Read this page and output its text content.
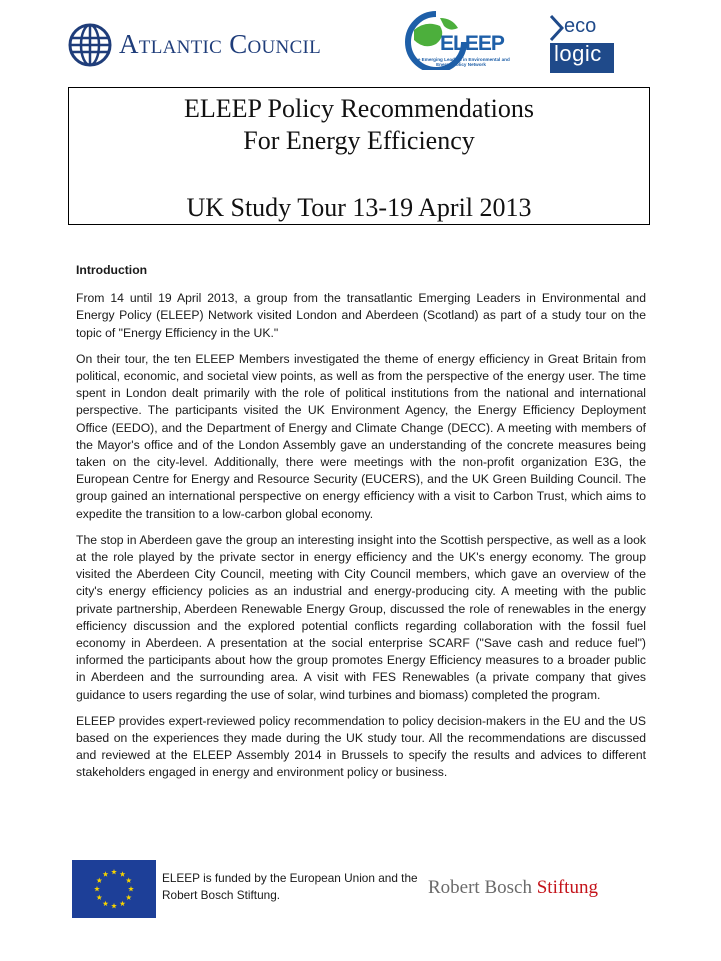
Atlantic Council	ELEEP
The Emerging Leaders in Environmental and Energy Policy Network
eco
logic
ELEEP Policy Recommendations
For Energy Efficiency
UK Study Tour 13-19 April 2013
Introduction

From 14 until 19 April 2013, a group from the transatlantic Emerging Leaders in Environmental and Energy Policy (ELEEP) Network visited London and Aberdeen (Scotland) as part of a study tour on the topic of "Energy Efficiency in the UK."

On their tour, the ten ELEEP Members investigated the theme of energy efficiency in Great Britain from political, economic, and societal view points, as well as from the perspective of the energy user. The time spent in London dealt primarily with the role of political institutions from the national and international perspective. The participants visited the UK Environment Agency, the Energy Efficiency Deployment Office (EEDO), and the Department of Energy and Climate Change (DECC). A meeting with members of the Mayor's office and of the London Assembly gave an understanding of the concrete measures being taken on the city-level. Additionally, there were meetings with the non-profit organization E3G, the European Centre for Energy and Resource Security (EUCERS), and the UK Green Building Council. The group gained an international perspective on energy efficiency with a visit to Carbon Trust, which aims to expedite the transition to a low-carbon global economy.

The stop in Aberdeen gave the group an interesting insight into the Scottish perspective, as well as a look at the role played by the private sector in energy efficiency and the UK's energy economy. The group visited the Aberdeen City Council, meeting with City Council members, which gave an overview of the city's energy efficiency policies as an industrial and energy-producing city. A meeting with the public private partnership, Aberdeen Renewable Energy Group, discussed the role of renewables in the energy efficiency discussion and the explored potential conflicts regarding collaboration with the fossil fuel economy in Aberdeen. A presentation at the social enterprise SCARF ("Save cash and reduce fuel") informed the participants about how the group promotes Energy Efficiency measures to a broader public in Aberdeen and the surrounding area. A visit with FES Renewables (a private company that gives guidance to users regarding the use of solar, wind turbines and biomass) completed the program.

ELEEP provides expert-reviewed policy recommendation to policy decision-makers in the EU and the US based on the experiences they made during the UK study tour. All the recommendations are discussed and reviewed at the ELEEP Assembly 2014 in Brussels to specify the results and advices to different stakeholders engaged in energy and environment policy or business.

ELEEP is funded by the European Union and the Robert Bosch Stiftung.	Robert Bosch Stiftung
